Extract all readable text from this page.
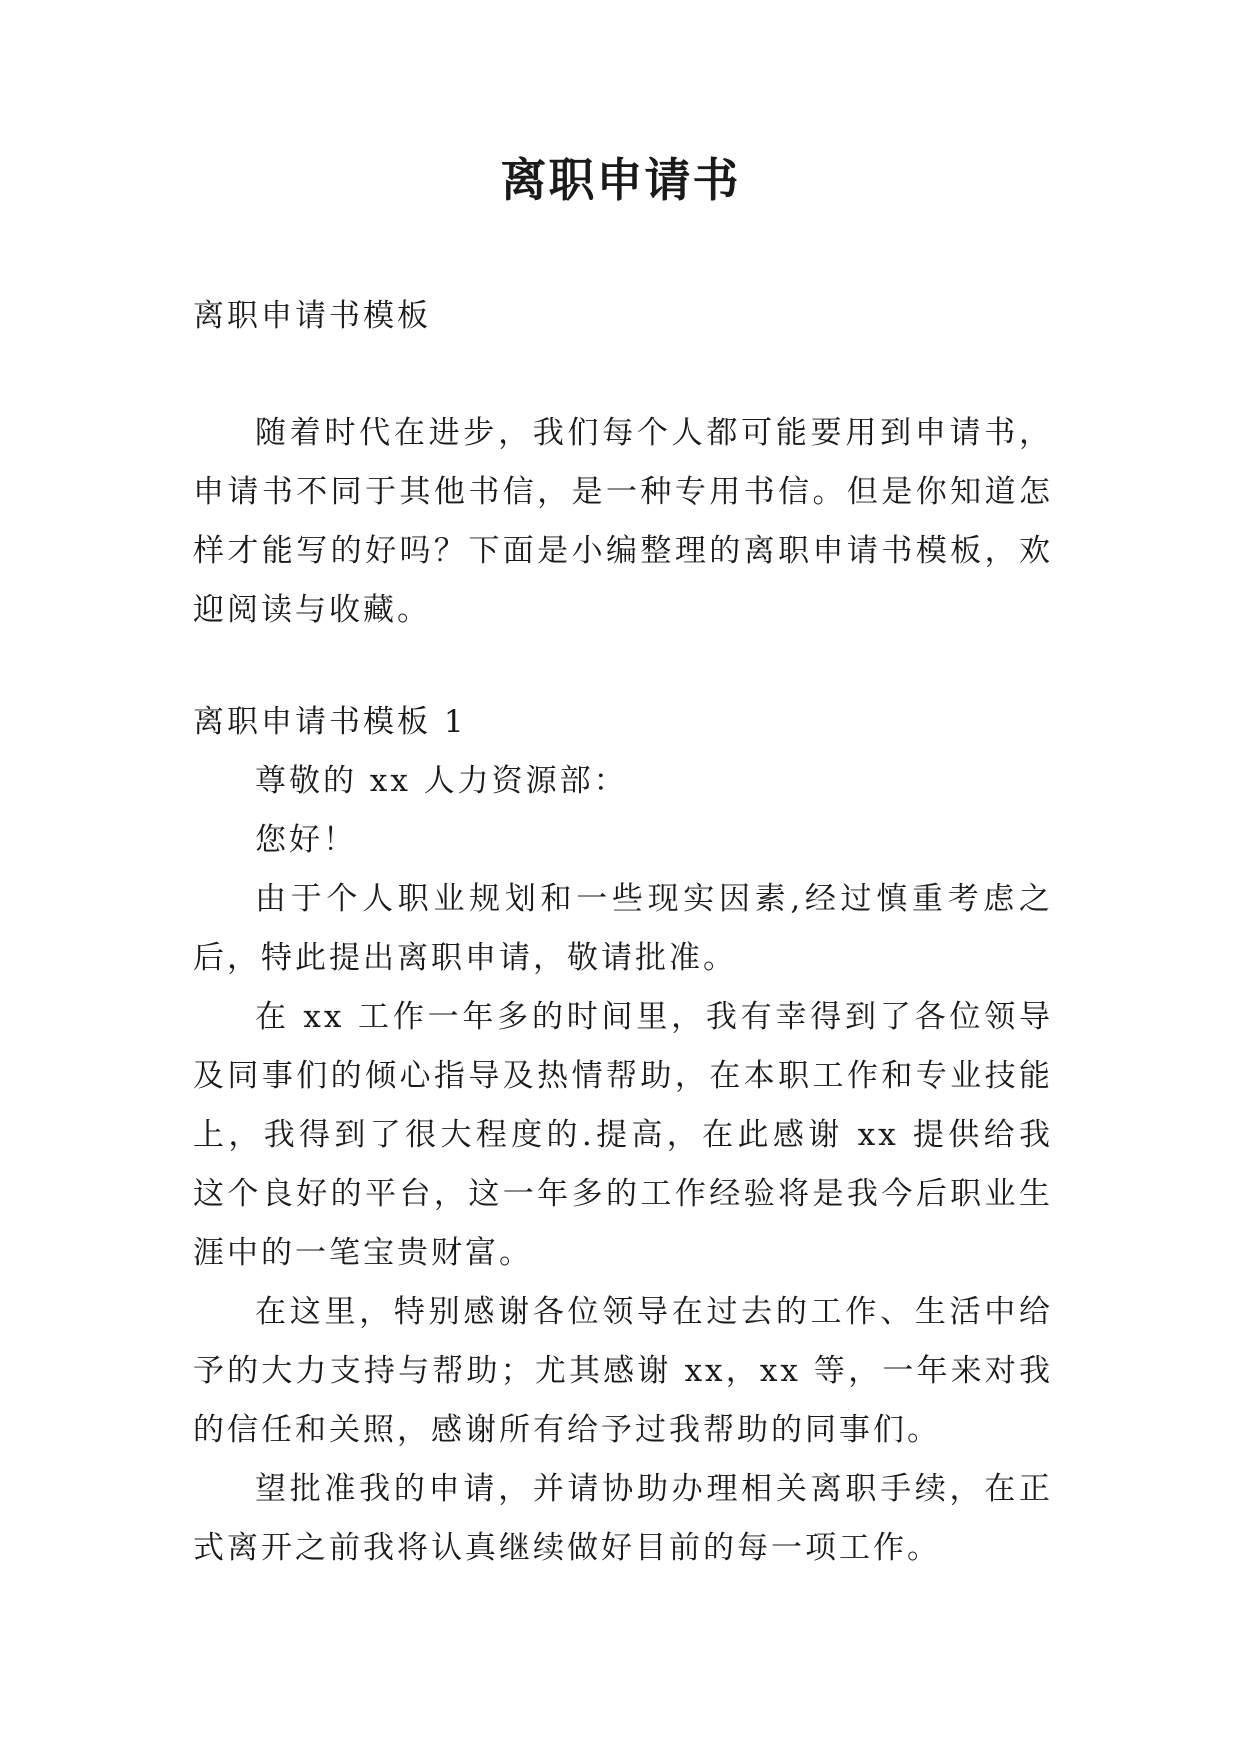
离职申请书

离职申请书模板

随着时代在进步，我们每个人都可能要用到申请书，申请书不同于其他书信，是一种专用书信。但是你知道怎样才能写的好吗？下面是小编整理的离职申请书模板，欢迎阅读与收藏。

离职申请书模板 1

尊敬的 xx 人力资源部：

您好！

由于个人职业规划和一些现实因素,经过慎重考虑之后，特此提出离职申请，敬请批准。

在 xx 工作一年多的时间里，我有幸得到了各位领导及同事们的倾心指导及热情帮助，在本职工作和专业技能上，我得到了很大程度的.提高，在此感谢 xx 提供给我这个良好的平台，这一年多的工作经验将是我今后职业生涯中的一笔宝贵财富。

在这里，特别感谢各位领导在过去的工作、生活中给予的大力支持与帮助；尤其感谢 xx，xx 等，一年来对我的信任和关照，感谢所有给予过我帮助的同事们。

望批准我的申请，并请协助办理相关离职手续，在正式离开之前我将认真继续做好目前的每一项工作。
